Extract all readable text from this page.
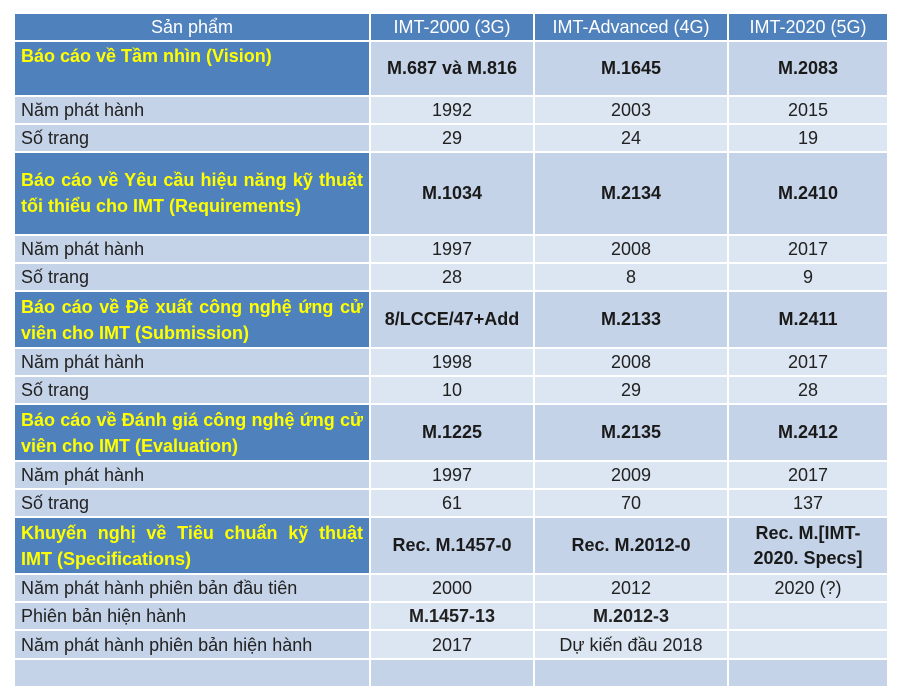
Sản phẩm	IMT-2000 (3G)	IMT-Advanced (4G)	IMT-2020 (5G)
Báo cáo về Tầm nhìn (Vision)	M.687 và M.816	M.1645	M.2083
Năm phát hành	1992	2003	2015
Số trang	29	24	19
Báo cáo về Yêu cầu hiệu năng kỹ thuật tối thiểu cho IMT (Requirements)	M.1034	M.2134	M.2410
Năm phát hành	1997	2008	2017
Số trang	28	8	9
Báo cáo về Đề xuất công nghệ ứng cử viên cho IMT (Submission)	8/LCCE/47+Add	M.2133	M.2411
Năm phát hành	1998	2008	2017
Số trang	10	29	28
Báo cáo về Đánh giá công nghệ ứng cử viên cho IMT (Evaluation)	M.1225	M.2135	M.2412
Năm phát hành	1997	2009	2017
Số trang	61	70	137
Khuyến nghị về Tiêu chuẩn kỹ thuật IMT (Specifications)	Rec. M.1457-0	Rec. M.2012-0	Rec. M.[IMT-2020. Specs]
Năm phát hành phiên bản đầu tiên	2000	2012	2020 (?)
Phiên bản hiện hành	M.1457-13	M.2012-3	
Năm phát hành phiên bản hiện hành	2017	Dự kiến đầu 2018	
